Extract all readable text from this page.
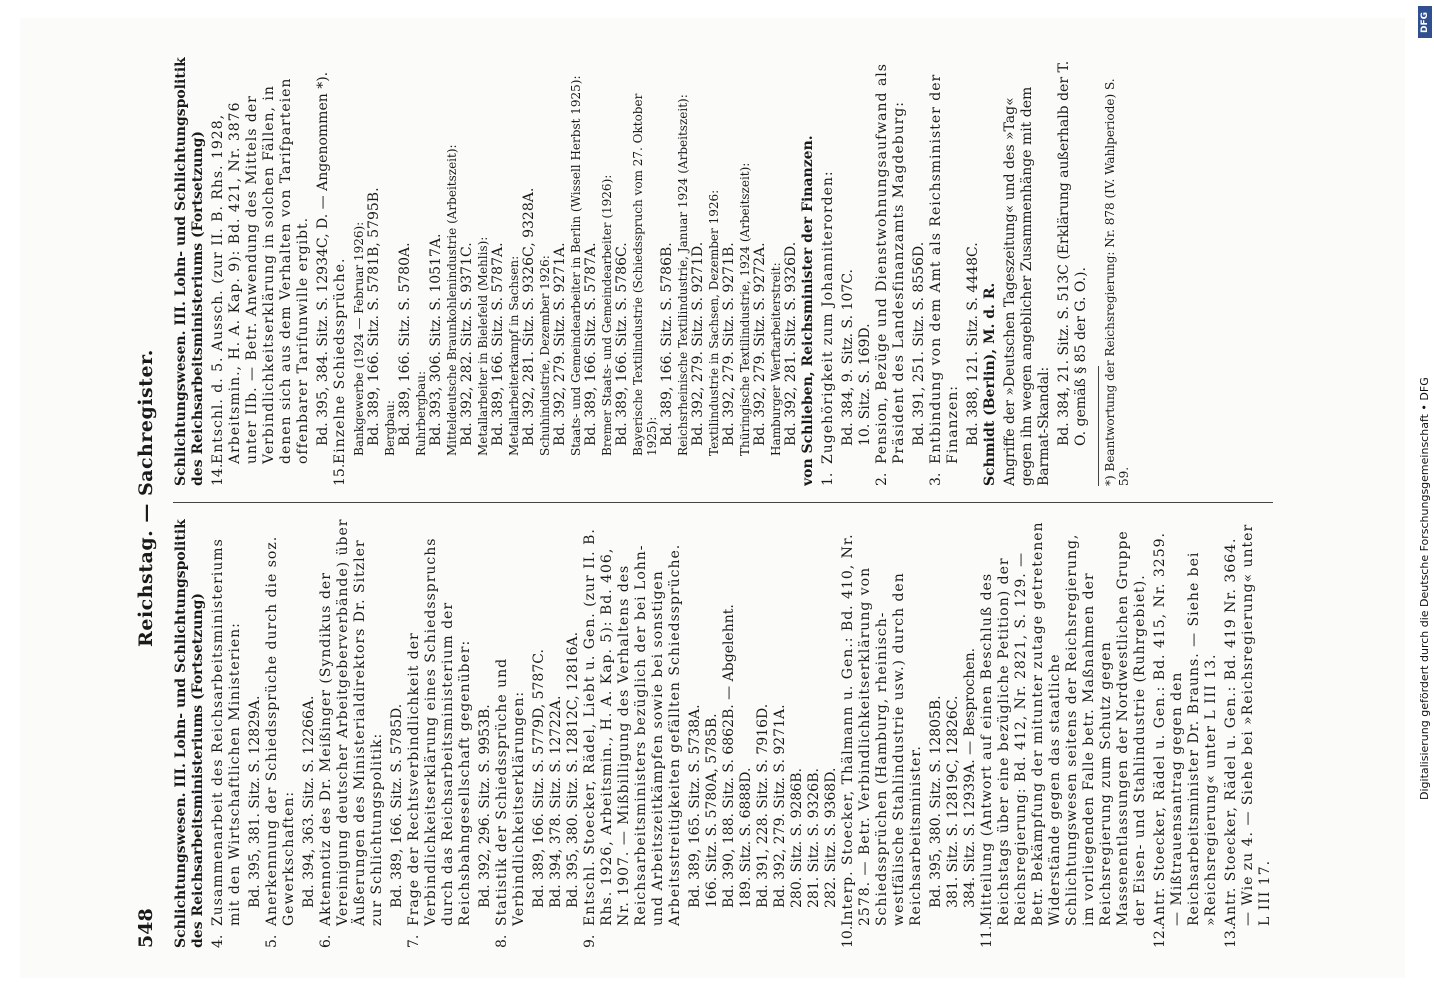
548
Reichstag. — Sachregister.
Schlichtungswesen. III. Lohn- und Schlichtungspolitik des Reichsarbeitsministeriums (Fortsetzung) 4.Zusammenarbeit des Reichsarbeitsministeriums mit den Wirtschaftlichen Ministerien: Bd. 395, 381. Sitz. S. 12829A.
5.Anerkennung der Schiedssprüche durch die soz. Gewerkschaften: Bd. 394, 363. Sitz. S. 12266A.
6.Aktennotiz des Dr. Meißinger (Syndikus der Vereinigung deutscher Arbeitgeberverbände) über Äußerungen des Ministerialdirektors Dr. Sitzler zur Schlichtungspolitik: Bd. 389, 166. Sitz. S. 5785D.
7.Frage der Rechtsverbindlichkeit der Verbindlichkeitserklärung eines Schiedsspruchs durch das Reichsarbeitsministerium der Reichsbahngesellschaft gegenüber: Bd. 392, 296. Sitz. S. 9953B.
8.Statistik der Schiedssprüche und Verbindlichkeitserklärungen: Bd. 389, 166. Sitz. S. 5779D, 5787C. Bd. 394, 378. Sitz. S. 12722A. Bd. 395, 380. Sitz. S. 12812C, 12816A.
9.Entschl. Stoecker, Rädel, Liebt u. Gen. (zur II. B. Rhs. 1926, Arbeitsmin., H. A. Kap. 5): Bd. 406, Nr. 1907. — Mißbilligung des Verhaltens des Reichsarbeitsministers bezüglich der bei Lohn- und Arbeitszeitkämpfen sowie bei sonstigen Arbeitsstreitigkeiten gefällten Schiedssprüche. Bd. 389, 165. Sitz. S. 5738A. 166. Sitz. S. 5780A, 5785B. Bd. 390, 188. Sitz. S. 6862B. — Abgelehnt. 189. Sitz. S. 6888D. Bd. 391, 228. Sitz. S. 7916D. Bd. 392, 279. Sitz. S. 9271A. 280. Sitz. S. 9286B. 281. Sitz. S. 9326B. 282. Sitz. S. 9368D.
10.Interp. Stoecker, Thälmann u. Gen.: Bd. 410, Nr. 2578. — Betr. Verbindlichkeitserklärung von Schiedssprüchen (Hamburg, rheinisch-westfälische Stahlindustrie usw.) durch den Reichsarbeitsminister. Bd. 395, 380. Sitz. S. 12805B. 381. Sitz. S. 12819C, 12826C. 384. Sitz. S. 12939A. — Besprochen.
11.Mitteilung (Antwort auf einen Beschluß des Reichstags über eine bezügliche Petition) der Reichsregierung: Bd. 412, Nr. 2821, S. 129. — Betr. Bekämpfung der mitunter zutage getretenen Widerstände gegen das staatliche Schlichtungswesen seitens der Reichsregierung, im vorliegenden Falle betr. Maßnahmen der Reichsregierung zum Schutz gegen Massenentlassungen der Nordwestlichen Gruppe der Eisen- und Stahlindustrie (Ruhrgebiet).
12.Antr. Stoecker, Rädel u. Gen.: Bd. 415, Nr. 3259. — Mißtrauensantrag gegen den Reichsarbeitsminister Dr. Brauns. — Siehe bei »Reichsregierung« unter L III 13.
13.Antr. Stoecker, Rädel u. Gen.: Bd. 419 Nr. 3664. — Wie zu 4. — Siehe bei »Reichsregierung« unter L III 17.
Schlichtungswesen. III. Lohn- und Schlichtungspolitik des Reichsarbeitsministeriums (Fortsetzung) 14.Entschl. d. 5. Aussch. (zur II. B. Rhs. 1928, Arbeitsmin., H. A. Kap. 9): Bd. 421, Nr. 3876 unter IIb. — Betr. Anwendung des Mittels der Verbindlichkeitserklärung in solchen Fällen, in denen sich aus dem Verhalten von Tarifparteien offenbarer Tarifunwille ergibt. Bd. 395, 384. Sitz. S. 12934C, D. — Angenommen *).
15.Einzelne Schiedssprüche. Bankgewerbe (1924 — Februar 1926): Bd. 389, 166. Sitz. S. 5781B, 5795B. Bergbau: Bd. 389, 166. Sitz. S. 5780A. Ruhrbergbau: Bd. 393, 306. Sitz. S. 10517A. Mitteldeutsche Braunkohlenindustrie (Arbeitszeit): Bd. 392, 282. Sitz. S. 9371C. Metallarbeiter in Bielefeld (Mehlis): Bd. 389, 166. Sitz. S. 5787A. Metallarbeiterkampf in Sachsen: Bd. 392, 281. Sitz. S. 9326C, 9328A. Schuhindustrie, Dezember 1926: Bd. 392, 279. Sitz. S. 9271A. Staats- und Gemeindearbeiter in Berlin (Wissell Herbst 1925): Bd. 389, 166. Sitz. S. 5787A. Bremer Staats- und Gemeindearbeiter (1926): Bd. 389, 166. Sitz. S. 5786C. Bayerische Textilindustrie (Schiedsspruch vom 27. Oktober 1925): Bd. 389, 166. Sitz. S. 5786B. Reichsrheinische Textilindustrie, Januar 1924 (Arbeitszeit): Bd. 392, 279. Sitz. S. 9271D. Textilindustrie in Sachsen, Dezember 1926: Bd. 392, 279. Sitz. S. 9271B. Thüringische Textilindustrie, 1924 (Arbeitszeit): Bd. 392, 279. Sitz. S. 9272A. Hamburger Werftarbeiterstreit: Bd. 392, 281. Sitz. S. 9326D. von Schlieben, Reichsminister der Finanzen. 1.Zugehörigkeit zum Johanniterorden: Bd. 384, 9. Sitz. S. 107C. 10. Sitz. S. 169D.
2.Pension, Bezüge und Dienstwohnungsaufwand als Präsident des Landesfinanzamts Magdeburg: Bd. 391, 251. Sitz. S. 8556D.
3.Entbindung von dem Amt als Reichsminister der Finanzen: Bd. 388, 121. Sitz. S. 4448C. Schmidt (Berlin), M. d. R. Angriffe der »Deutschen Tageszeitung« und des »Tag« gegen ihn wegen angeblicher Zusammenhänge mit dem Barmat-Skandal: Bd. 384, 21. Sitz. S. 513C (Erklärung außerhalb der T. O. gemäß § 85 der G. O.). *) Beantwortung der Reichsregierung: Nr. 878 (IV. Wahlperiode) S. 59.
DFG
Digitalisierung gefördert durch die Deutsche Forschungsgemeinschaft • DFG
